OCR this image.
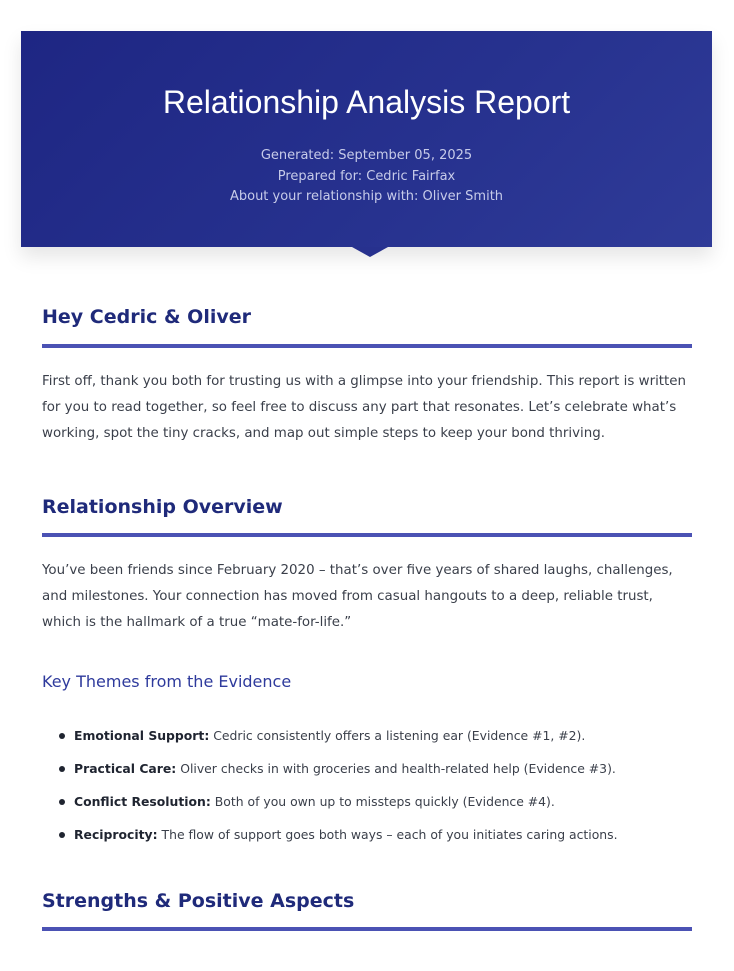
Relationship Analysis Report
Generated: September 05, 2025
Prepared for: Cedric Fairfax
About your relationship with: Oliver Smith
Hey Cedric & Oliver

First off, thank you both for trusting us with a glimpse into your friendship. This report is written for you to read together, so feel free to discuss any part that resonates. Let’s celebrate what’s working, spot the tiny cracks, and map out simple steps to keep your bond thriving.

Relationship Overview

You’ve been friends since February 2020 – that’s over five years of shared laughs, challenges, and milestones. Your connection has moved from casual hangouts to a deep, reliable trust, which is the hallmark of a true “mate-for-life.”

Key Themes from the Evidence
Emotional Support: Cedric consistently offers a listening ear (Evidence #1, #2).
Practical Care: Oliver checks in with groceries and health-related help (Evidence #3).
Conflict Resolution: Both of you own up to missteps quickly (Evidence #4).
Reciprocity: The flow of support goes both ways – each of you initiates caring actions.
Strengths & Positive Aspects
